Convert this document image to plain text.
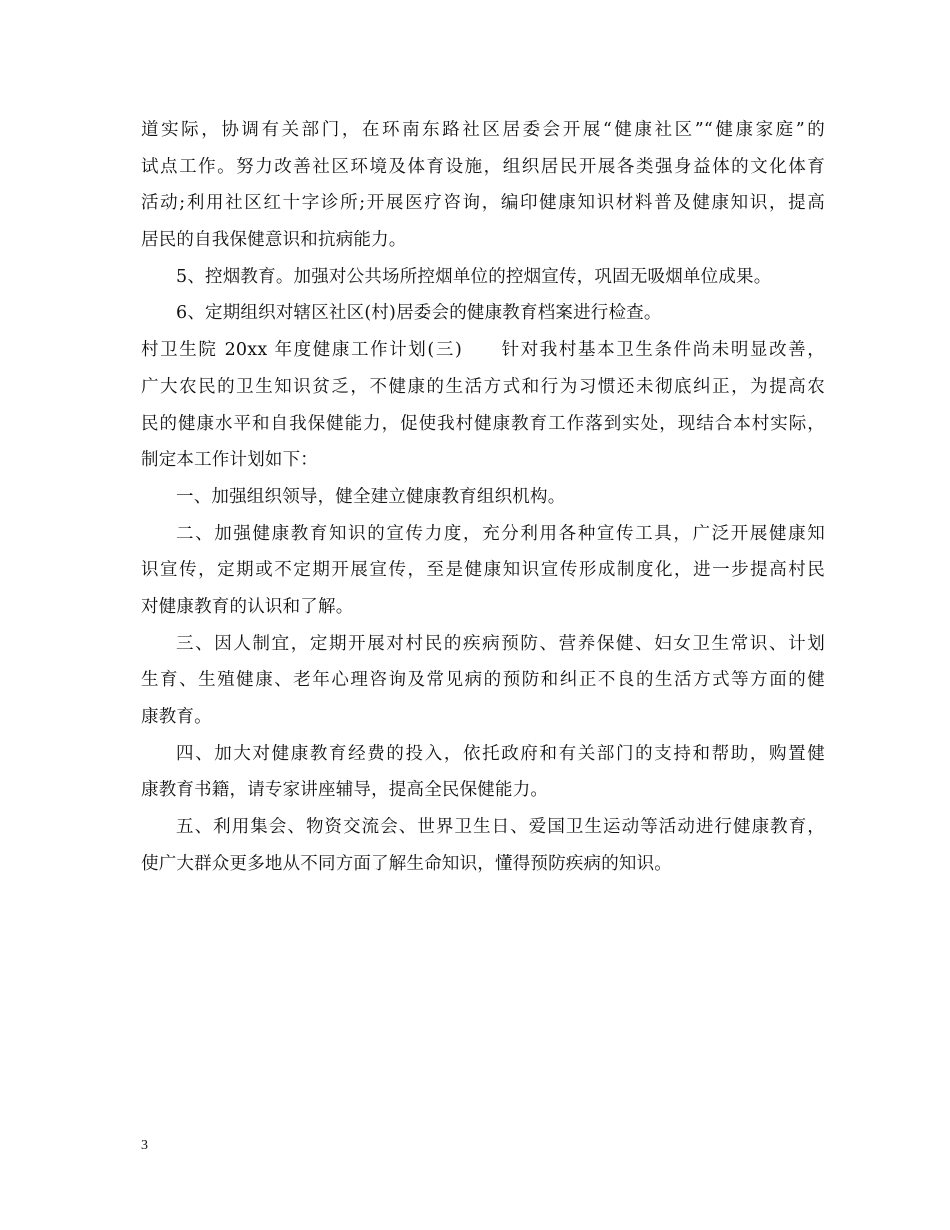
道实际，协调有关部门，在环南东路社区居委会开展“健康社区”“健康家庭”的
试点工作。努力改善社区环境及体育设施，组织居民开展各类强身益体的文化体育
活动;利用社区红十字诊所;开展医疗咨询，编印健康知识材料普及健康知识，提高
居民的自我保健意识和抗病能力。
5、控烟教育。加强对公共场所控烟单位的控烟宣传，巩固无吸烟单位成果。
6、定期组织对辖区社区(村)居委会的健康教育档案进行检查。
村卫生院 20xx 年度健康工作计划(三)　　针对我村基本卫生条件尚未明显改善，
广大农民的卫生知识贫乏，不健康的生活方式和行为习惯还未彻底纠正，为提高农
民的健康水平和自我保健能力，促使我村健康教育工作落到实处，现结合本村实际，
制定本工作计划如下：
一、加强组织领导，健全建立健康教育组织机构。
二、加强健康教育知识的宣传力度，充分利用各种宣传工具，广泛开展健康知
识宣传，定期或不定期开展宣传，至是健康知识宣传形成制度化，进一步提高村民
对健康教育的认识和了解。
三、因人制宜，定期开展对村民的疾病预防、营养保健、妇女卫生常识、计划
生育、生殖健康、老年心理咨询及常见病的预防和纠正不良的生活方式等方面的健
康教育。
四、加大对健康教育经费的投入，依托政府和有关部门的支持和帮助，购置健
康教育书籍，请专家讲座辅导，提高全民保健能力。
五、利用集会、物资交流会、世界卫生日、爱国卫生运动等活动进行健康教育，
使广大群众更多地从不同方面了解生命知识，懂得预防疾病的知识。
3
